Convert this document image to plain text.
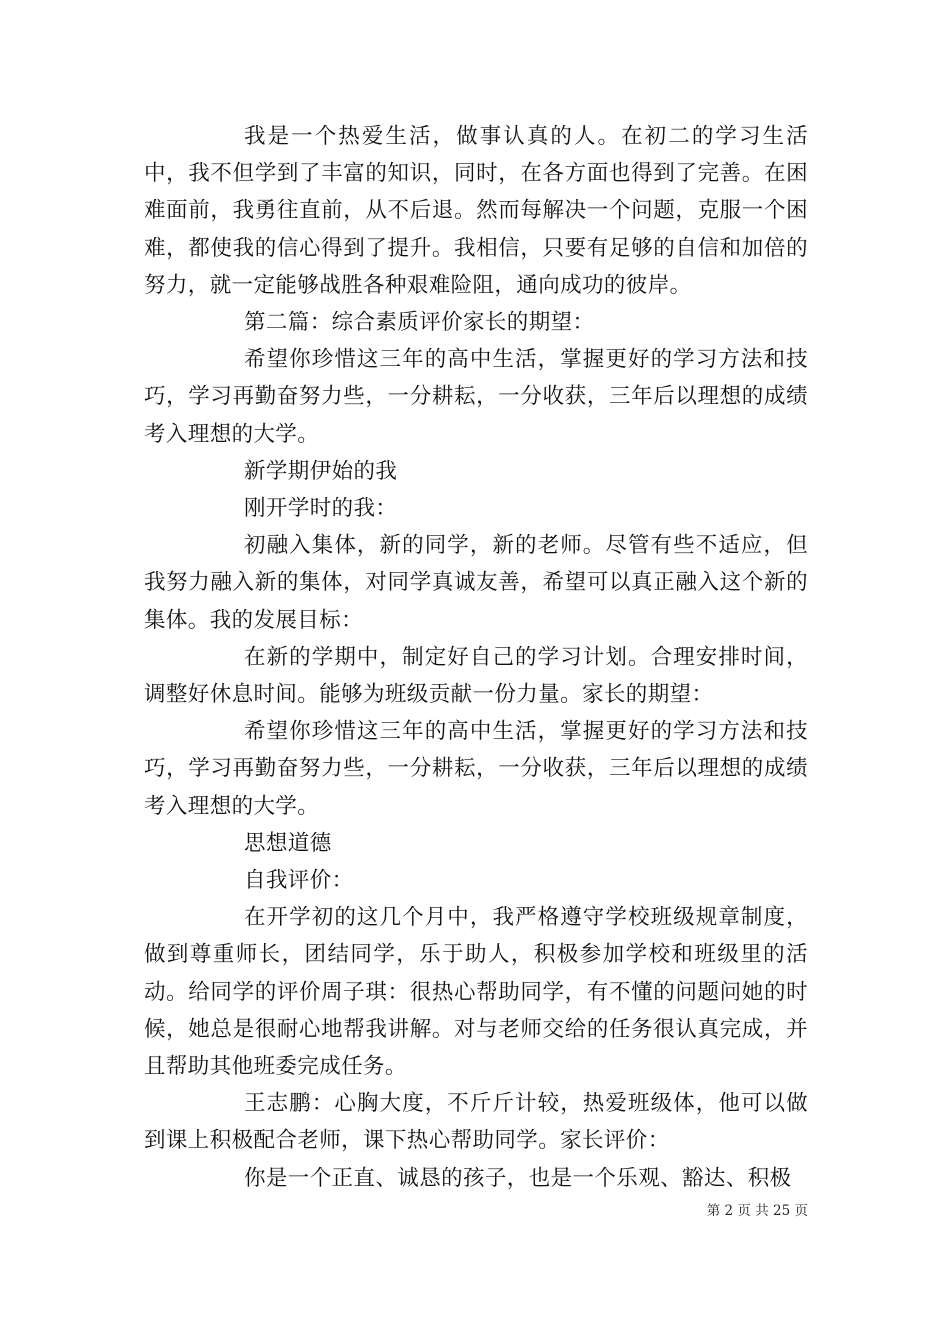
我是一个热爱生活，做事认真的人。在初二的学习生活中，我不但学到了丰富的知识，同时，在各方面也得到了完善。在困难面前，我勇往直前，从不后退。然而每解决一个问题，克服一个困难，都使我的信心得到了提升。我相信，只要有足够的自信和加倍的努力，就一定能够战胜各种艰难险阻，通向成功的彼岸。

第二篇：综合素质评价家长的期望：

希望你珍惜这三年的高中生活，掌握更好的学习方法和技巧，学习再勤奋努力些，一分耕耘，一分收获，三年后以理想的成绩考入理想的大学。

新学期伊始的我

刚开学时的我：

初融入集体，新的同学，新的老师。尽管有些不适应，但我努力融入新的集体，对同学真诚友善，希望可以真正融入这个新的集体。我的发展目标：

在新的学期中，制定好自己的学习计划。合理安排时间，调整好休息时间。能够为班级贡献一份力量。家长的期望：

希望你珍惜这三年的高中生活，掌握更好的学习方法和技巧，学习再勤奋努力些，一分耕耘，一分收获，三年后以理想的成绩考入理想的大学。

思想道德

自我评价：

在开学初的这几个月中，我严格遵守学校班级规章制度，做到尊重师长，团结同学，乐于助人，积极参加学校和班级里的活动。给同学的评价周子琪：很热心帮助同学，有不懂的问题问她的时候，她总是很耐心地帮我讲解。对与老师交给的任务很认真完成，并且帮助其他班委完成任务。

王志鹏：心胸大度，不斤斤计较，热爱班级体，他可以做到课上积极配合老师，课下热心帮助同学。家长评价：

你是一个正直、诚恳的孩子，也是一个乐观、豁达、积极

第 2 页 共 25 页
